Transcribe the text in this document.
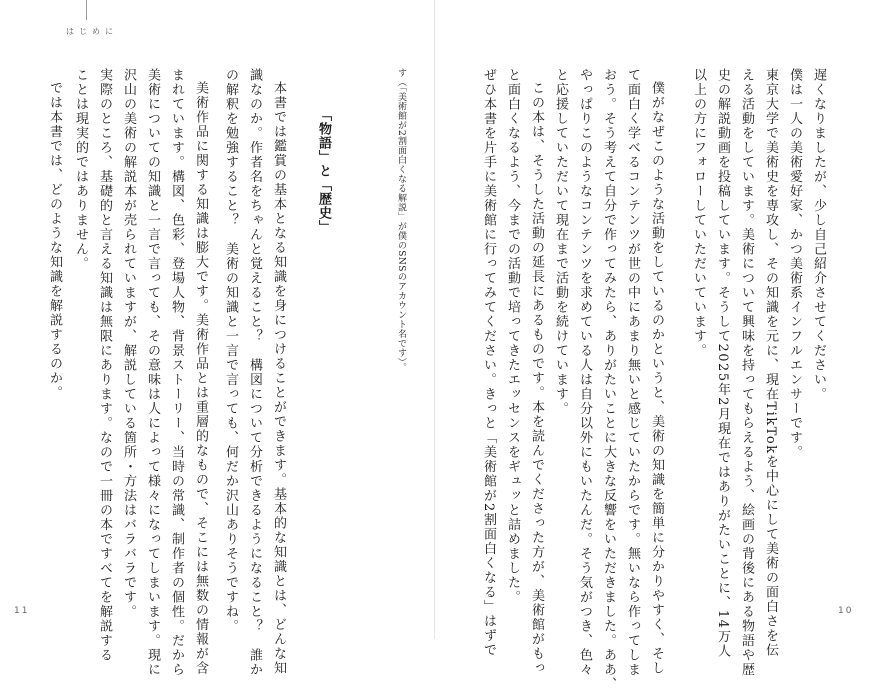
はじめに
遅くなりましたが、少し自己紹介させてください。
僕は一人の美術愛好家、かつ美術系インフルエンサーです。
東京大学で美術史を専攻し、その知識を元に、現在TikTokを中心にして美術の面白さを伝
える活動をしています。美術について興味を持ってもらえるよう、絵画の背後にある物語や歴
史の解説動画を投稿しています。そうして2025年2月現在ではありがたいことに、14万人
以上の方にフォローしていただいています。
僕がなぜこのような活動をしているのかというと、美術の知識を簡単に分かりやすく、そし
て面白く学べるコンテンツが世の中にあまり無いと感じていたからです。無いなら作ってしま
おう。そう考えて自分で作ってみたら、ありがたいことに大きな反響をいただきました。ああ、
やっぱりこのようなコンテンツを求めている人は自分以外にもいたんだ。そう気がつき、色々
と応援していただいて現在まで活動を続けています。
この本は、そうした活動の延長にあるものです。本を読んでくださった方が、美術館がもっ
と面白くなるよう、今までの活動で培ってきたエッセンスをギュッと詰めました。
ぜひ本書を片手に美術館に行ってみてください。きっと「美術館が2割面白くなる」はずで
す（「美術館が2割面白くなる解説」が僕のSNSのアカウント名です）。
「物語」と「歴史」
本書では鑑賞の基本となる知識を身につけることができます。基本的な知識とは、どんな知
識なのか。作者名をちゃんと覚えること？　構図について分析できるようになること？　誰か
の解釈を勉強すること？　美術の知識と一言で言っても、何だか沢山ありそうですね。
美術作品に関する知識は膨大です。美術作品とは重層的なもので、そこには無数の情報が含
まれています。構図、色彩、登場人物、背景ストーリー、当時の常識、制作者の個性。だから
美術についての知識と一言で言っても、その意味は人によって様々になってしまいます。現に
沢山の美術の解説本が売られていますが、解説している箇所・方法はバラバラです。
実際のところ、基礎的と言える知識は無限にあります。なので一冊の本ですべてを解説する
ことは現実的ではありません。
では本書では、どのような知識を解説するのか。
11	10
